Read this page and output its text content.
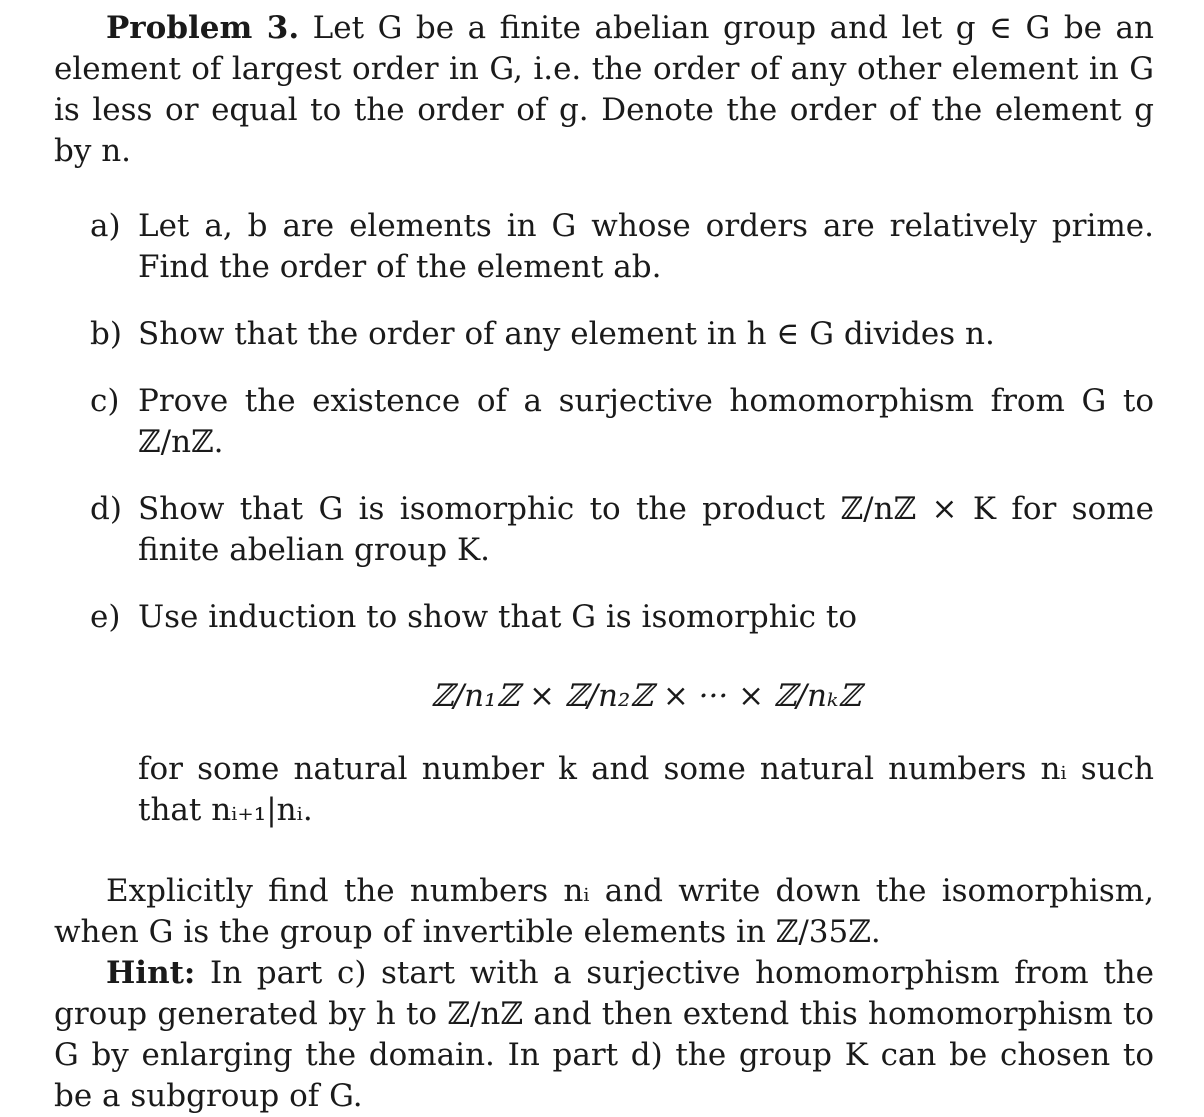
Problem 3. Let G be a finite abelian group and let g ∈ G be an element of largest order in G, i.e. the order of any other element in G is less or equal to the order of g. Denote the order of the element g by n.

a) Let a, b are elements in G whose orders are relatively prime. Find the order of the element ab.
b) Show that the order of any element in h ∈ G divides n.
c) Prove the existence of a surjective homomorphism from G to ℤ/nℤ.
d) Show that G is isomorphic to the product ℤ/nℤ × K for some finite abelian group K.
e) Use induction to show that G is isomorphic to
ℤ/n₁ℤ × ℤ/n₂ℤ × ··· × ℤ/nₖℤ
for some natural number k and some natural numbers nᵢ such that nᵢ₊₁|nᵢ.

Explicitly find the numbers nᵢ and write down the isomorphism, when G is the group of invertible elements in ℤ/35ℤ.

Hint: In part c) start with a surjective homomorphism from the group generated by h to ℤ/nℤ and then extend this homomorphism to G by enlarging the domain. In part d) the group K can be chosen to be a subgroup of G.
